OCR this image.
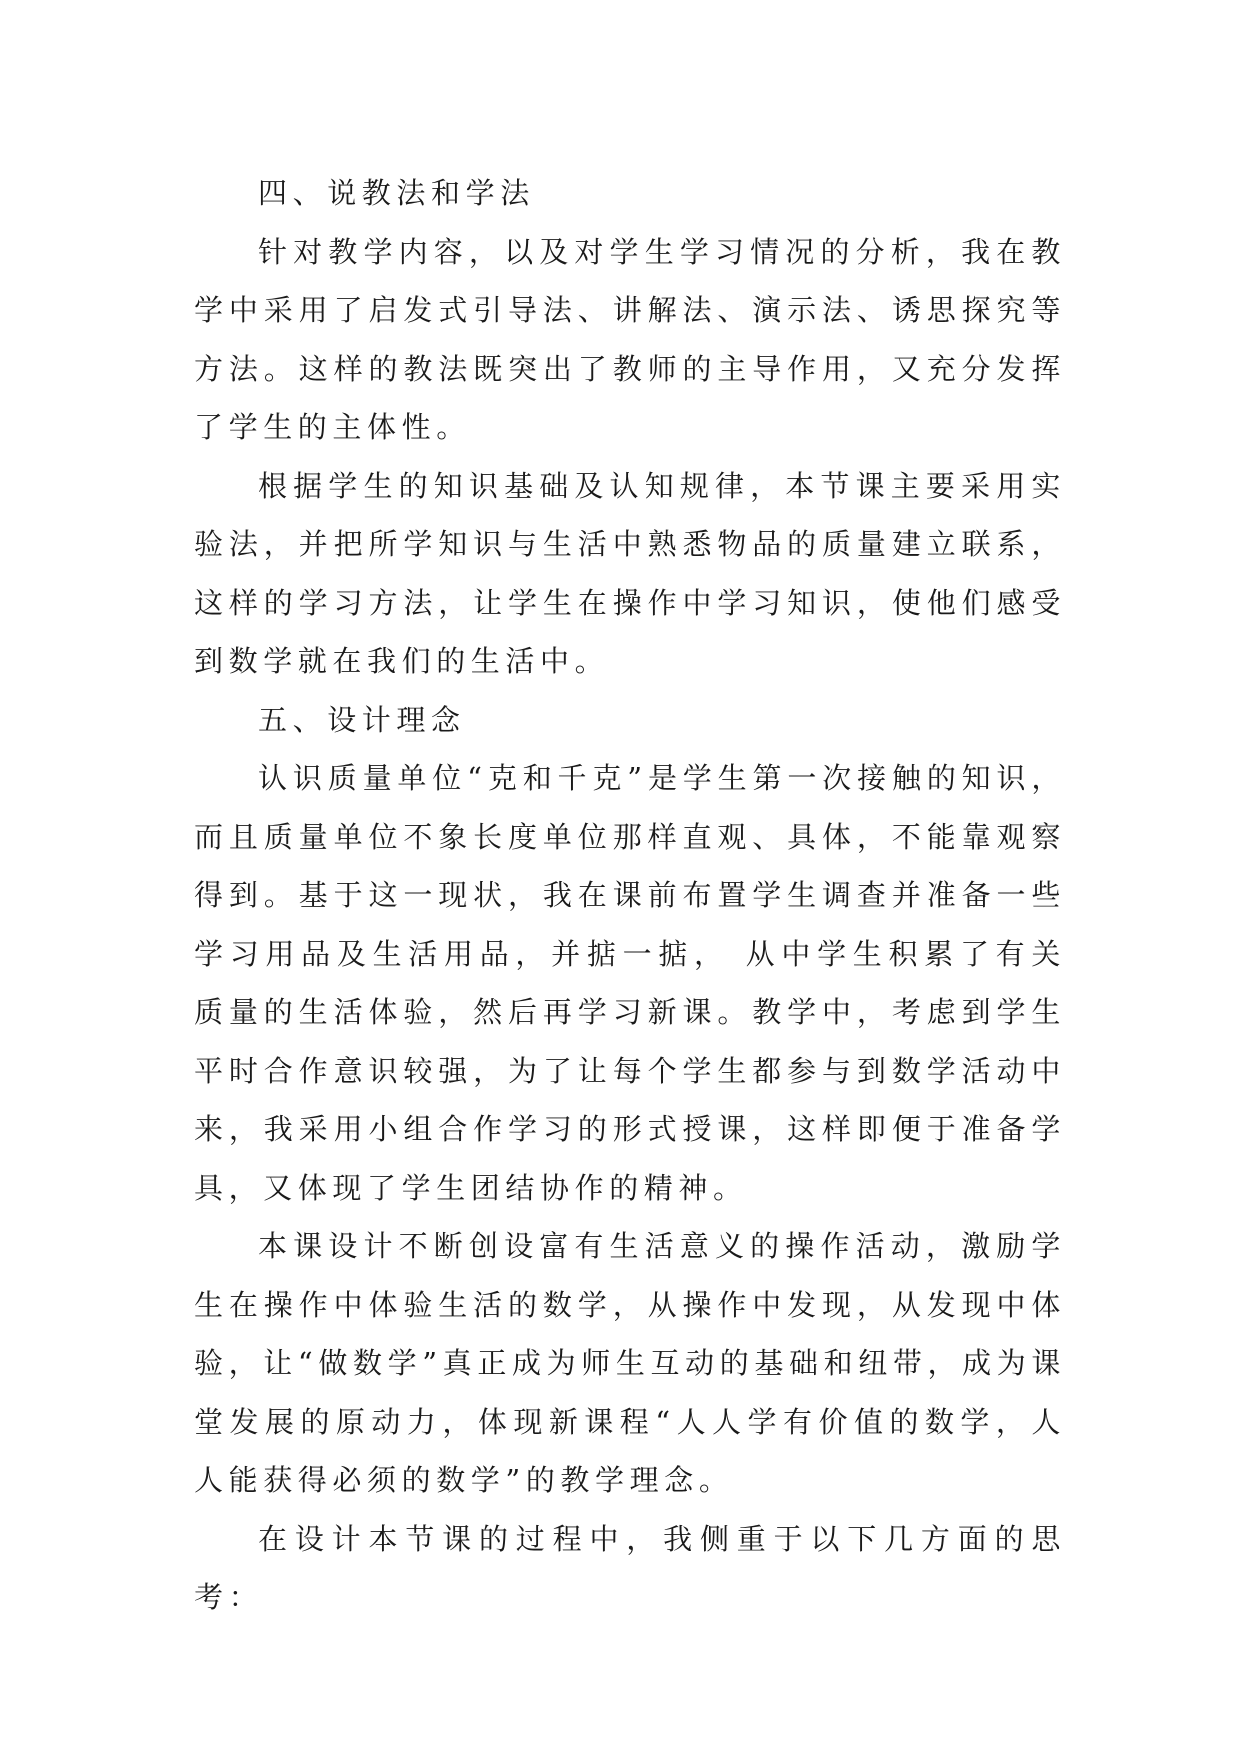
四、说教法和学法

针对教学内容，以及对学生学习情况的分析，我在教学中采用了启发式引导法、讲解法、演示法、诱思探究等方法。这样的教法既突出了教师的主导作用，又充分发挥了学生的主体性。

根据学生的知识基础及认知规律，本节课主要采用实验法，并把所学知识与生活中熟悉物品的质量建立联系，这样的学习方法，让学生在操作中学习知识，使他们感受到数学就在我们的生活中。

五、设计理念

认识质量单位“克和千克”是学生第一次接触的知识，而且质量单位不象长度单位那样直观、具体，不能靠观察得到。基于这一现状，我在课前布置学生调查并准备一些学习用品及生活用品，并掂一掂， 从中学生积累了有关质量的生活体验，然后再学习新课。教学中，考虑到学生平时合作意识较强，为了让每个学生都参与到数学活动中来，我采用小组合作学习的形式授课，这样即便于准备学具，又体现了学生团结协作的精神。

本课设计不断创设富有生活意义的操作活动，激励学生在操作中体验生活的数学，从操作中发现，从发现中体验，让“做数学”真正成为师生互动的基础和纽带，成为课堂发展的原动力，体现新课程“人人学有价值的数学，人人能获得必须的数学”的教学理念。

在设计本节课的过程中，我侧重于以下几方面的思考：
